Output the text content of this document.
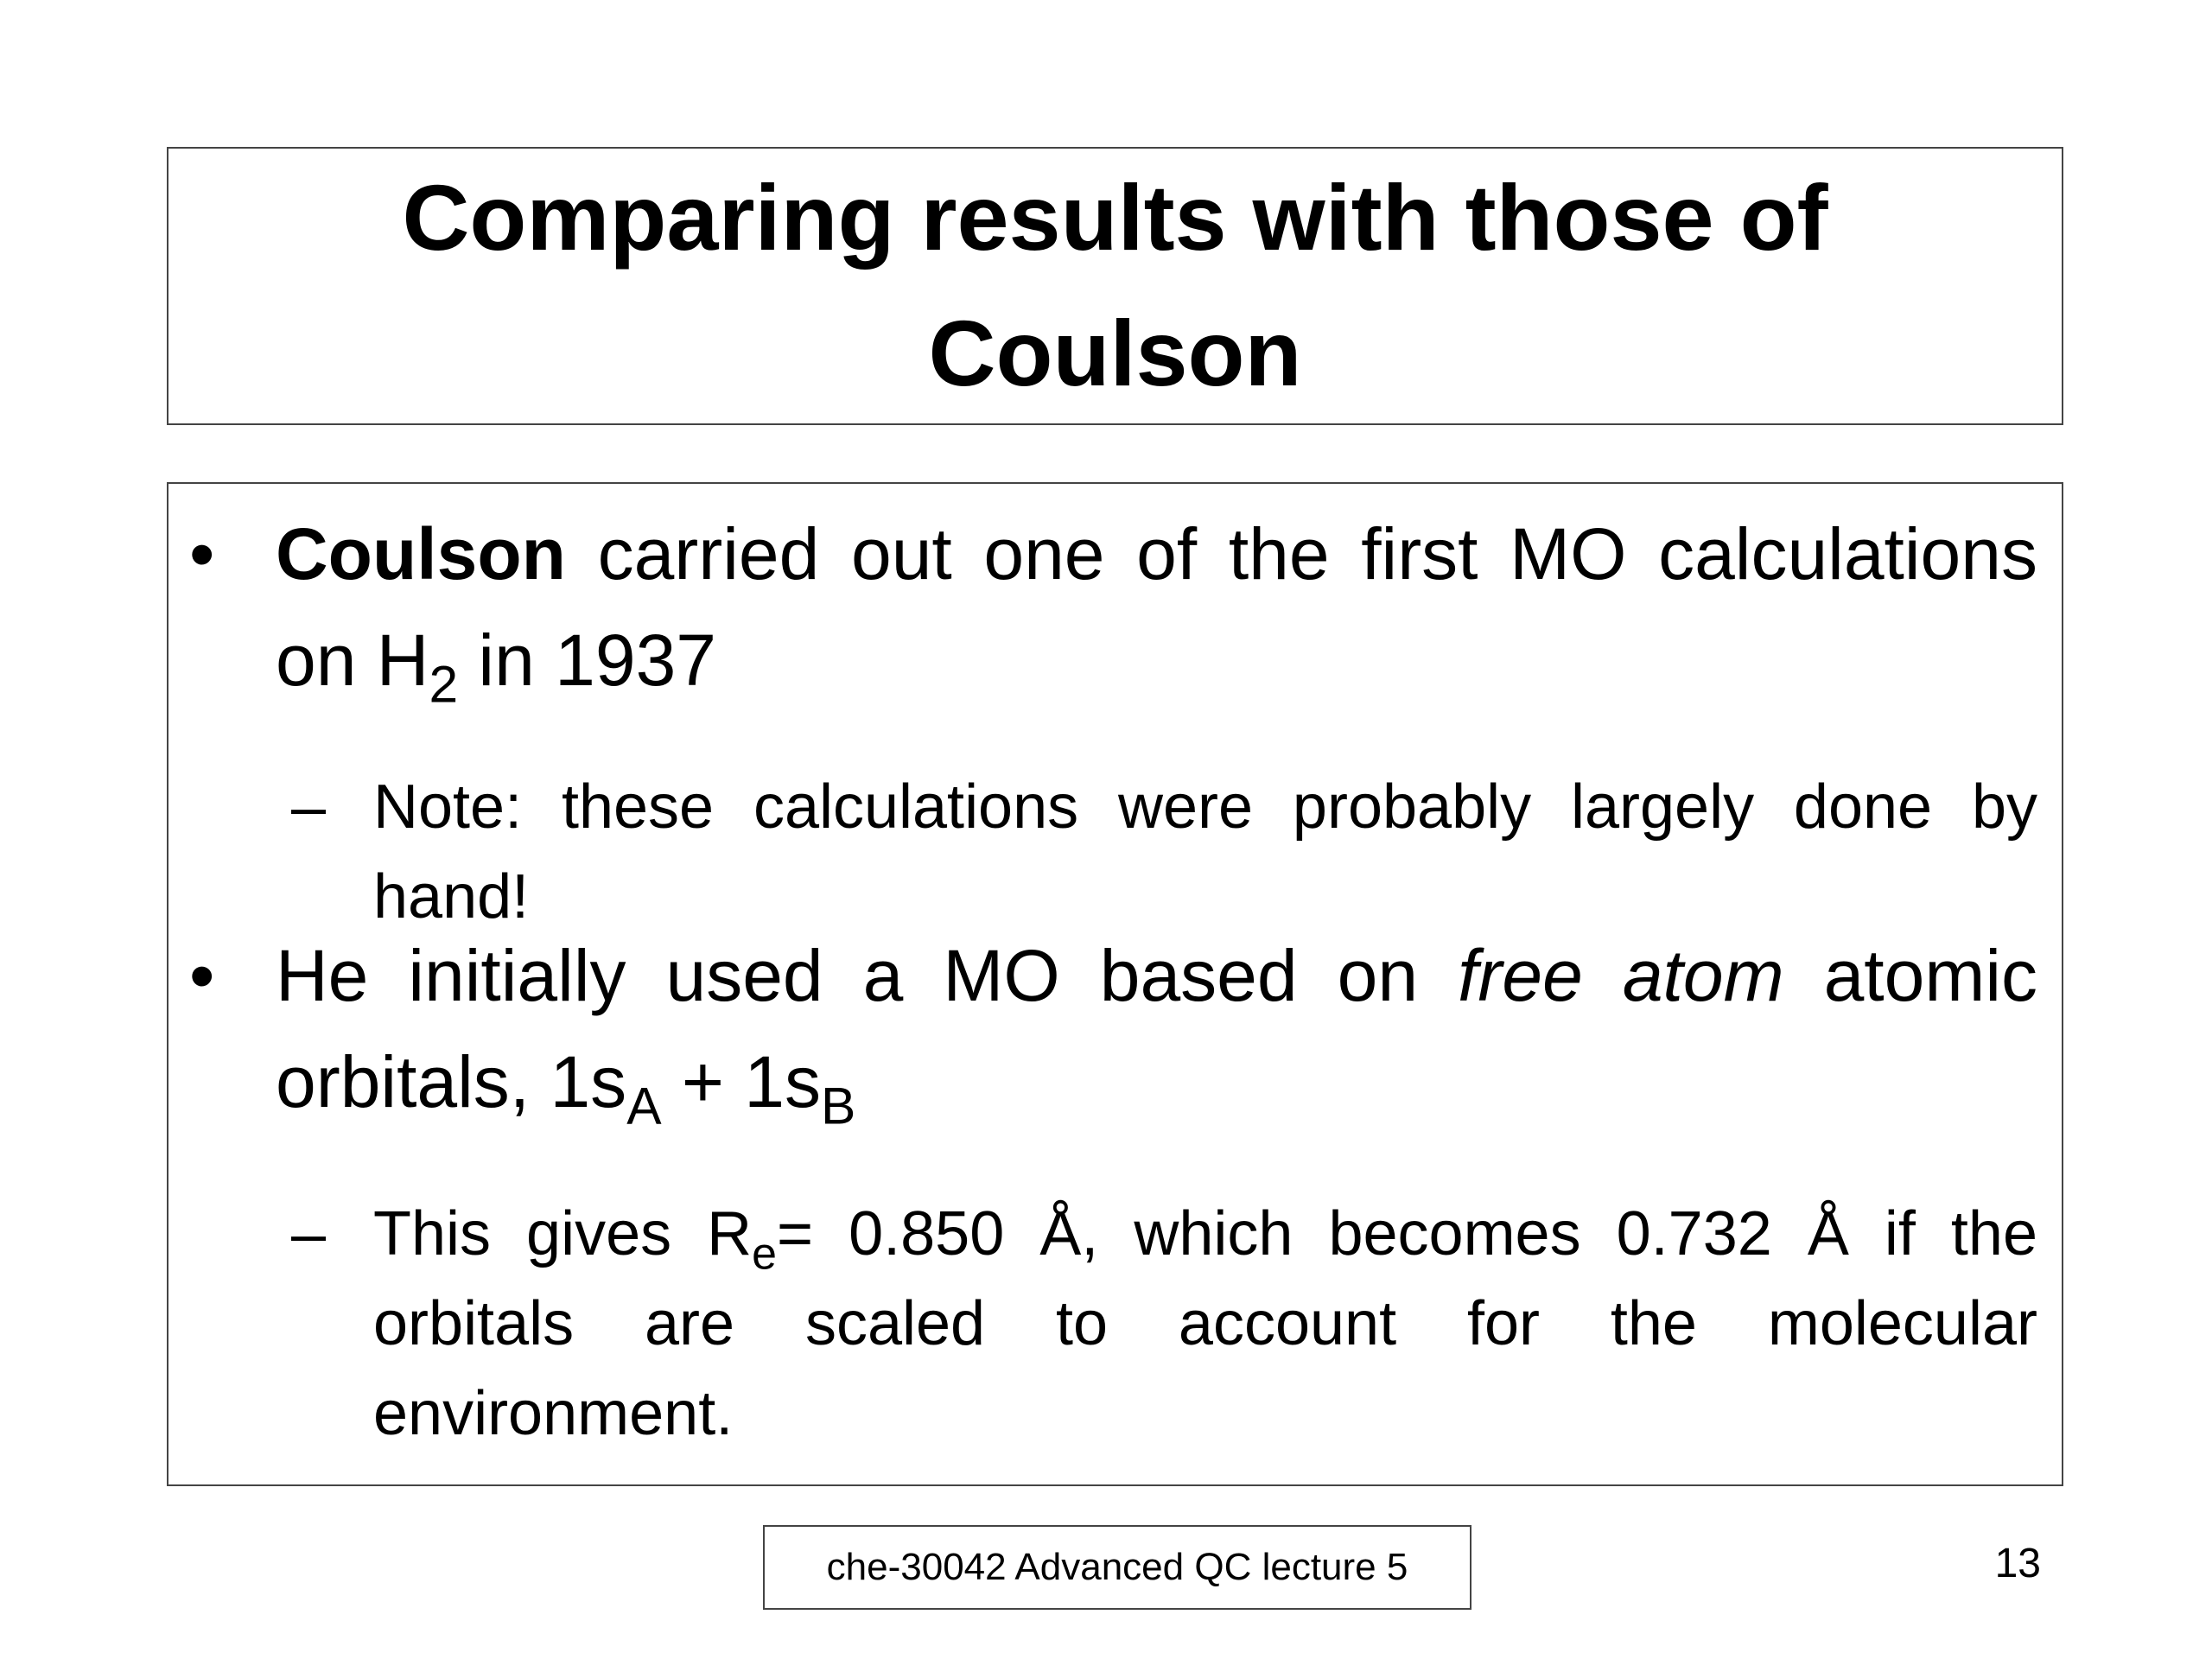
Comparing results with those of
Coulson
• Coulson carried out one of the first MO calculations on $H_2$ in 1937
– Note: these calculations were probably largely done by hand!
• He initially used a MO based on free atom atomic orbitals, $1s_A + 1s_B$
– This gives $R_e= 0.850$ Å, which becomes 0.732 Å if the orbitals are scaled to account for the molecular environment.
che-30042 Advanced QC lecture 5	13
